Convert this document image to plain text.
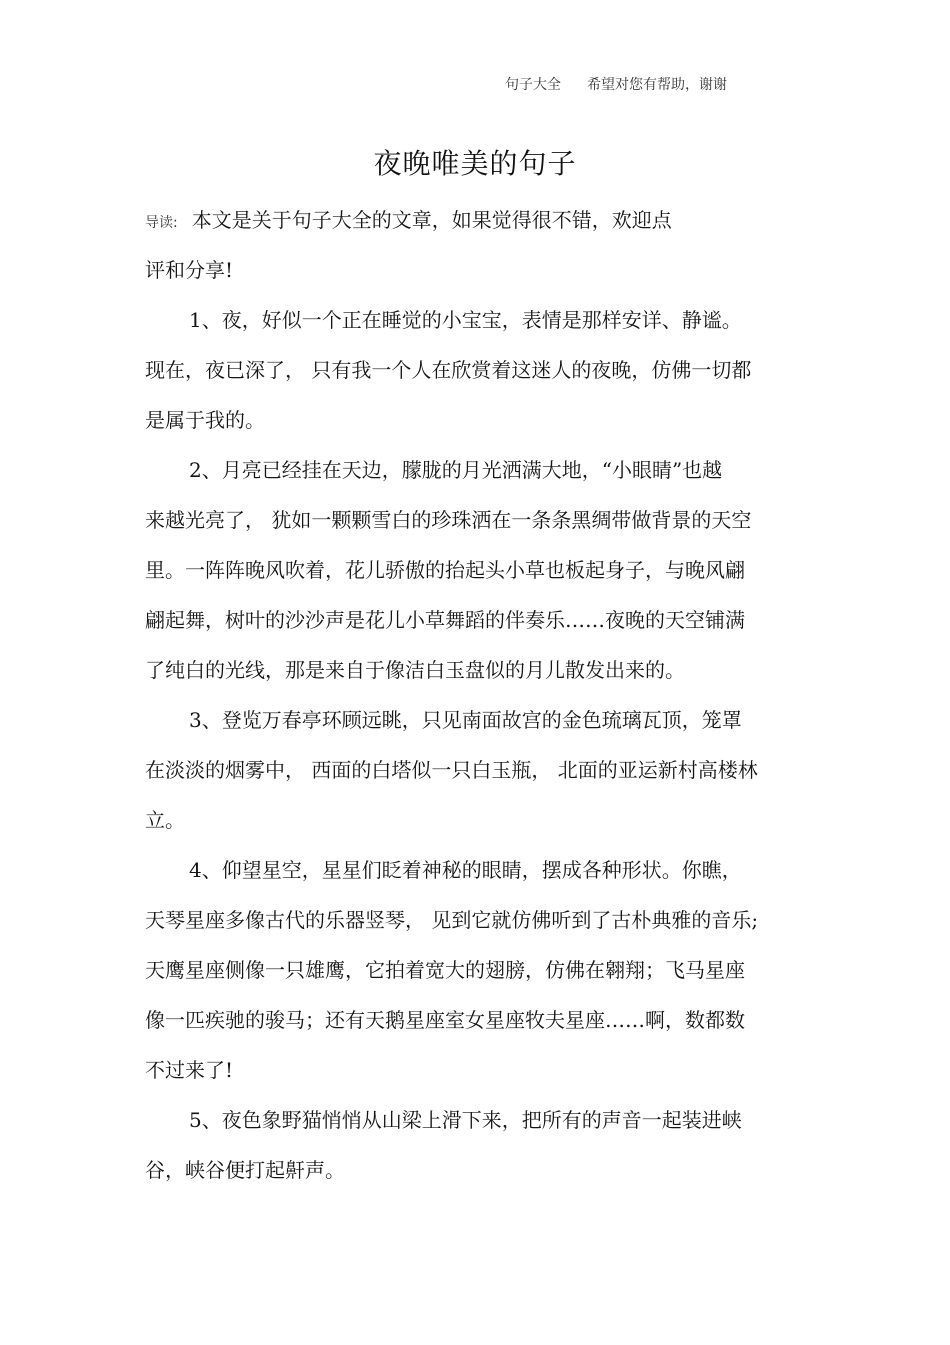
句子大全 希望对您有帮助，谢谢
夜晚唯美的句子
导读: 本文是关于句子大全的文章，如果觉得很不错，欢迎点
评和分享!
1、夜，好似一个正在睡觉的小宝宝，表情是那样安详、静谧。
现在，夜已深了， 只有我一个人在欣赏着这迷人的夜晚，仿佛一切都
是属于我的。
2、月亮已经挂在天边，朦胧的月光洒满大地，“小眼睛”也越
来越光亮了， 犹如一颗颗雪白的珍珠洒在一条条黑绸带做背景的天空
里。一阵阵晚风吹着，花儿骄傲的抬起头小草也板起身子，与晚风翩
翩起舞，树叶的沙沙声是花儿小草舞蹈的伴奏乐……夜晚的天空铺满
了纯白的光线，那是来自于像洁白玉盘似的月儿散发出来的。
3、登览万春亭环顾远眺，只见南面故宫的金色琉璃瓦顶，笼罩
在淡淡的烟雾中， 西面的白塔似一只白玉瓶， 北面的亚运新村高楼林
立。
4、仰望星空，星星们眨着神秘的眼睛，摆成各种形状。你瞧，
天琴星座多像古代的乐器竖琴， 见到它就仿佛听到了古朴典雅的音乐;
天鹰星座侧像一只雄鹰，它拍着宽大的翅膀，仿佛在翱翔；飞马星座
像一匹疾驰的骏马；还有天鹅星座室女星座牧夫星座……啊，数都数
不过来了!
5、夜色象野猫悄悄从山梁上滑下来，把所有的声音一起装进峡
谷，峡谷便打起鼾声。
